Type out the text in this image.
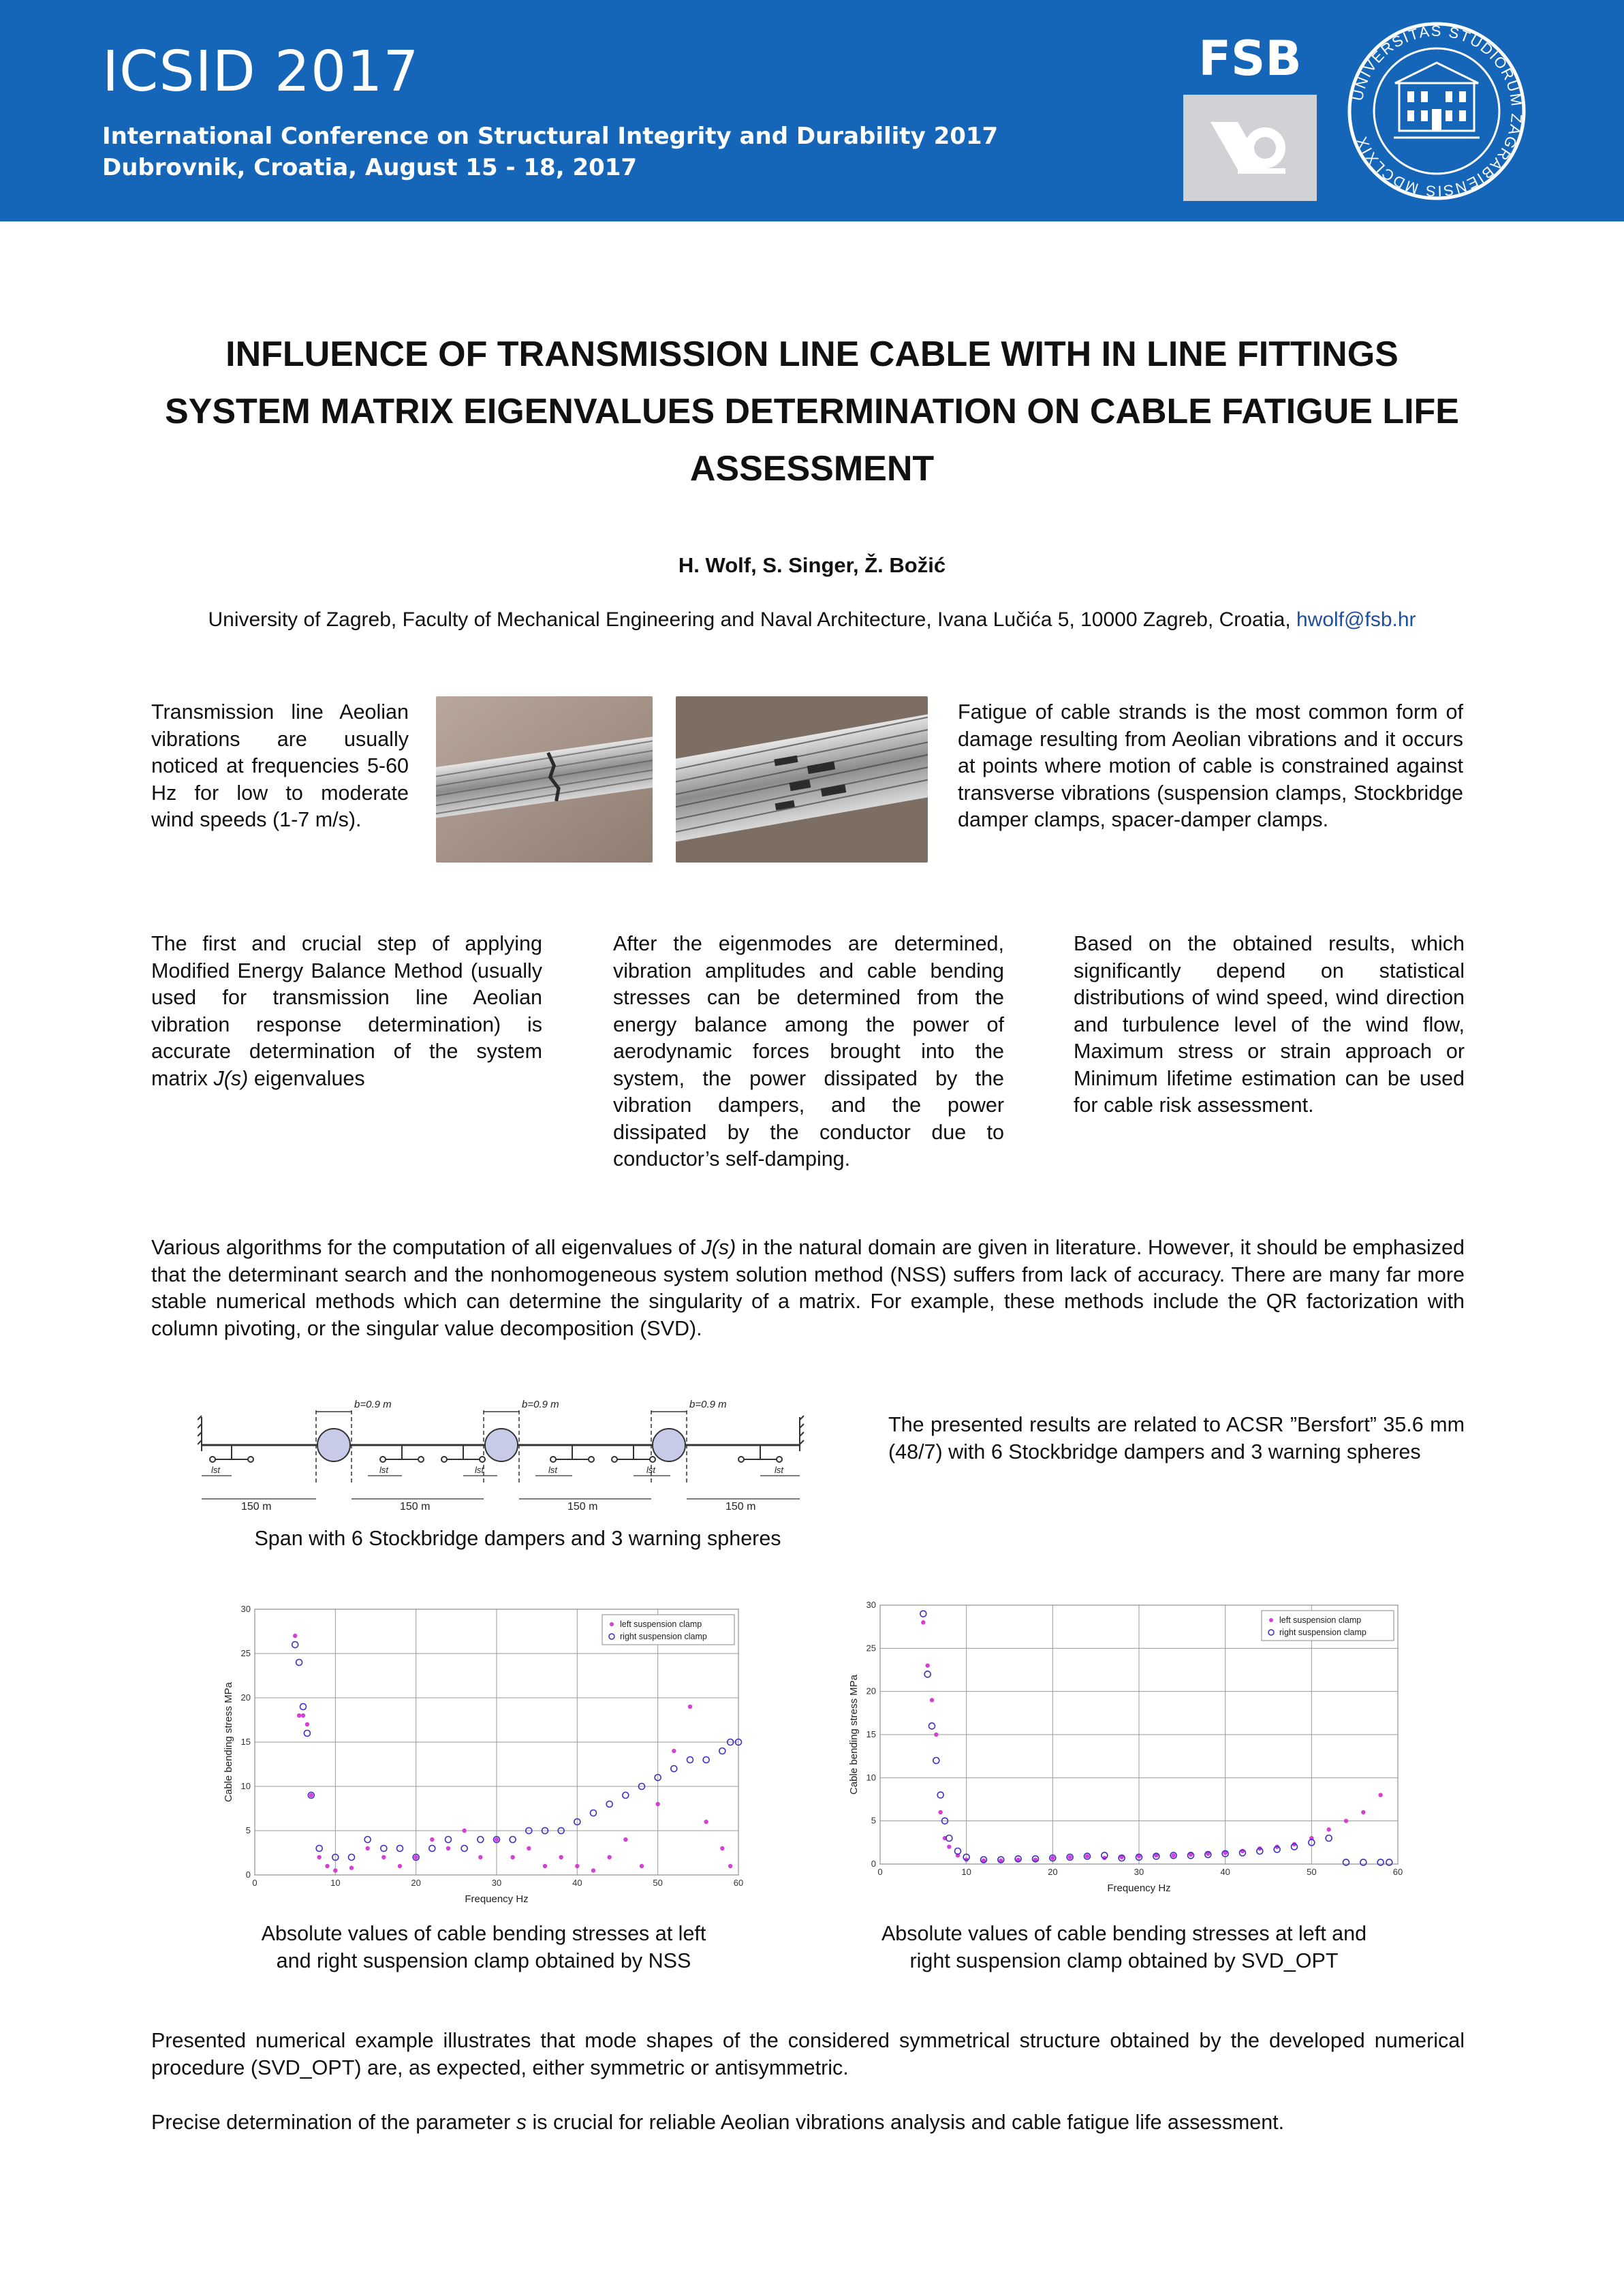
ICSID 2017
International Conference on Structural Integrity and Durability 2017
Dubrovnik, Croatia, August 15 - 18, 2017
FSB
UNIVERSITAS STUDIORUM ZAGRABIENSIS MDCLXIX
INFLUENCE OF TRANSMISSION LINE CABLE WITH IN LINE FITTINGS
SYSTEM MATRIX EIGENVALUES DETERMINATION ON CABLE FATIGUE LIFE
ASSESSMENT
H. Wolf, S. Singer, Ž. Božić
University of Zagreb, Faculty of Mechanical Engineering and Naval Architecture, Ivana Lučića 5, 10000 Zagreb, Croatia, hwolf@fsb.hr
Transmission line Aeolian vibrations are usually noticed at frequencies 5-60 Hz for low to moderate wind speeds (1-7 m/s).
Fatigue of cable strands is the most common form of damage resulting from Aeolian vibrations and it occurs at points where motion of cable is constrained against transverse vibrations (suspension clamps, Stockbridge damper clamps, spacer-damper clamps.
The first and crucial step of applying Modified Energy Balance Method (usually used for transmission line Aeolian vibration response determination) is accurate determination of the system matrix J(s) eigenvalues
After the eigenmodes are determined, vibration amplitudes and cable bending stresses can be determined from the energy balance among the power of aerodynamic forces brought into the system, the power dissipated by the vibration dampers, and the power dissipated by the conductor due to conductor’s self-damping.
Based on the obtained results, which significantly depend on statistical distributions of wind speed, wind direction and turbulence level of the wind flow, Maximum stress or strain approach or Minimum lifetime estimation can be used for cable risk assessment.
Various algorithms for the computation of all eigenvalues of J(s) in the natural domain are given in literature. However, it should be emphasized that the determinant search and the nonhomogeneous system solution method (NSS) suffers from lack of accuracy. There are many far more stable numerical methods which can determine the singularity of a matrix. For example, these methods include the QR factorization with column pivoting, or the singular value decomposition (SVD).
b=0.9 m	b=0.9 m	b=0.9 m
lst	lst	lst	lst	lst	lst
150 m	150 m	150 m	150 m
Span with 6 Stockbridge dampers and 3 warning spheres
The presented results are related to ACSR ”Bersfort” 35.6 mm (48/7) with 6 Stockbridge dampers and 3 warning spheres
0	10	20	30	40	50	60
0
5
10
15
20
25
30
Frequency Hz
Cable bending stress MPa
left suspension clamp
right suspension clamp
Absolute values of cable bending stresses at left
and right suspension clamp obtained by NSS
0	10	20	30	40	50	60
0
5
10
15
20
25
30
Frequency Hz
Cable bending stress MPa
left suspension clamp
right suspension clamp
Absolute values of cable bending stresses at left and
right suspension clamp obtained by SVD_OPT
Presented numerical example illustrates that mode shapes of the considered symmetrical structure obtained by the developed numerical procedure (SVD_OPT) are, as expected, either symmetric or antisymmetric.
Precise determination of the parameter s is crucial for reliable Aeolian vibrations analysis and cable fatigue life assessment.
